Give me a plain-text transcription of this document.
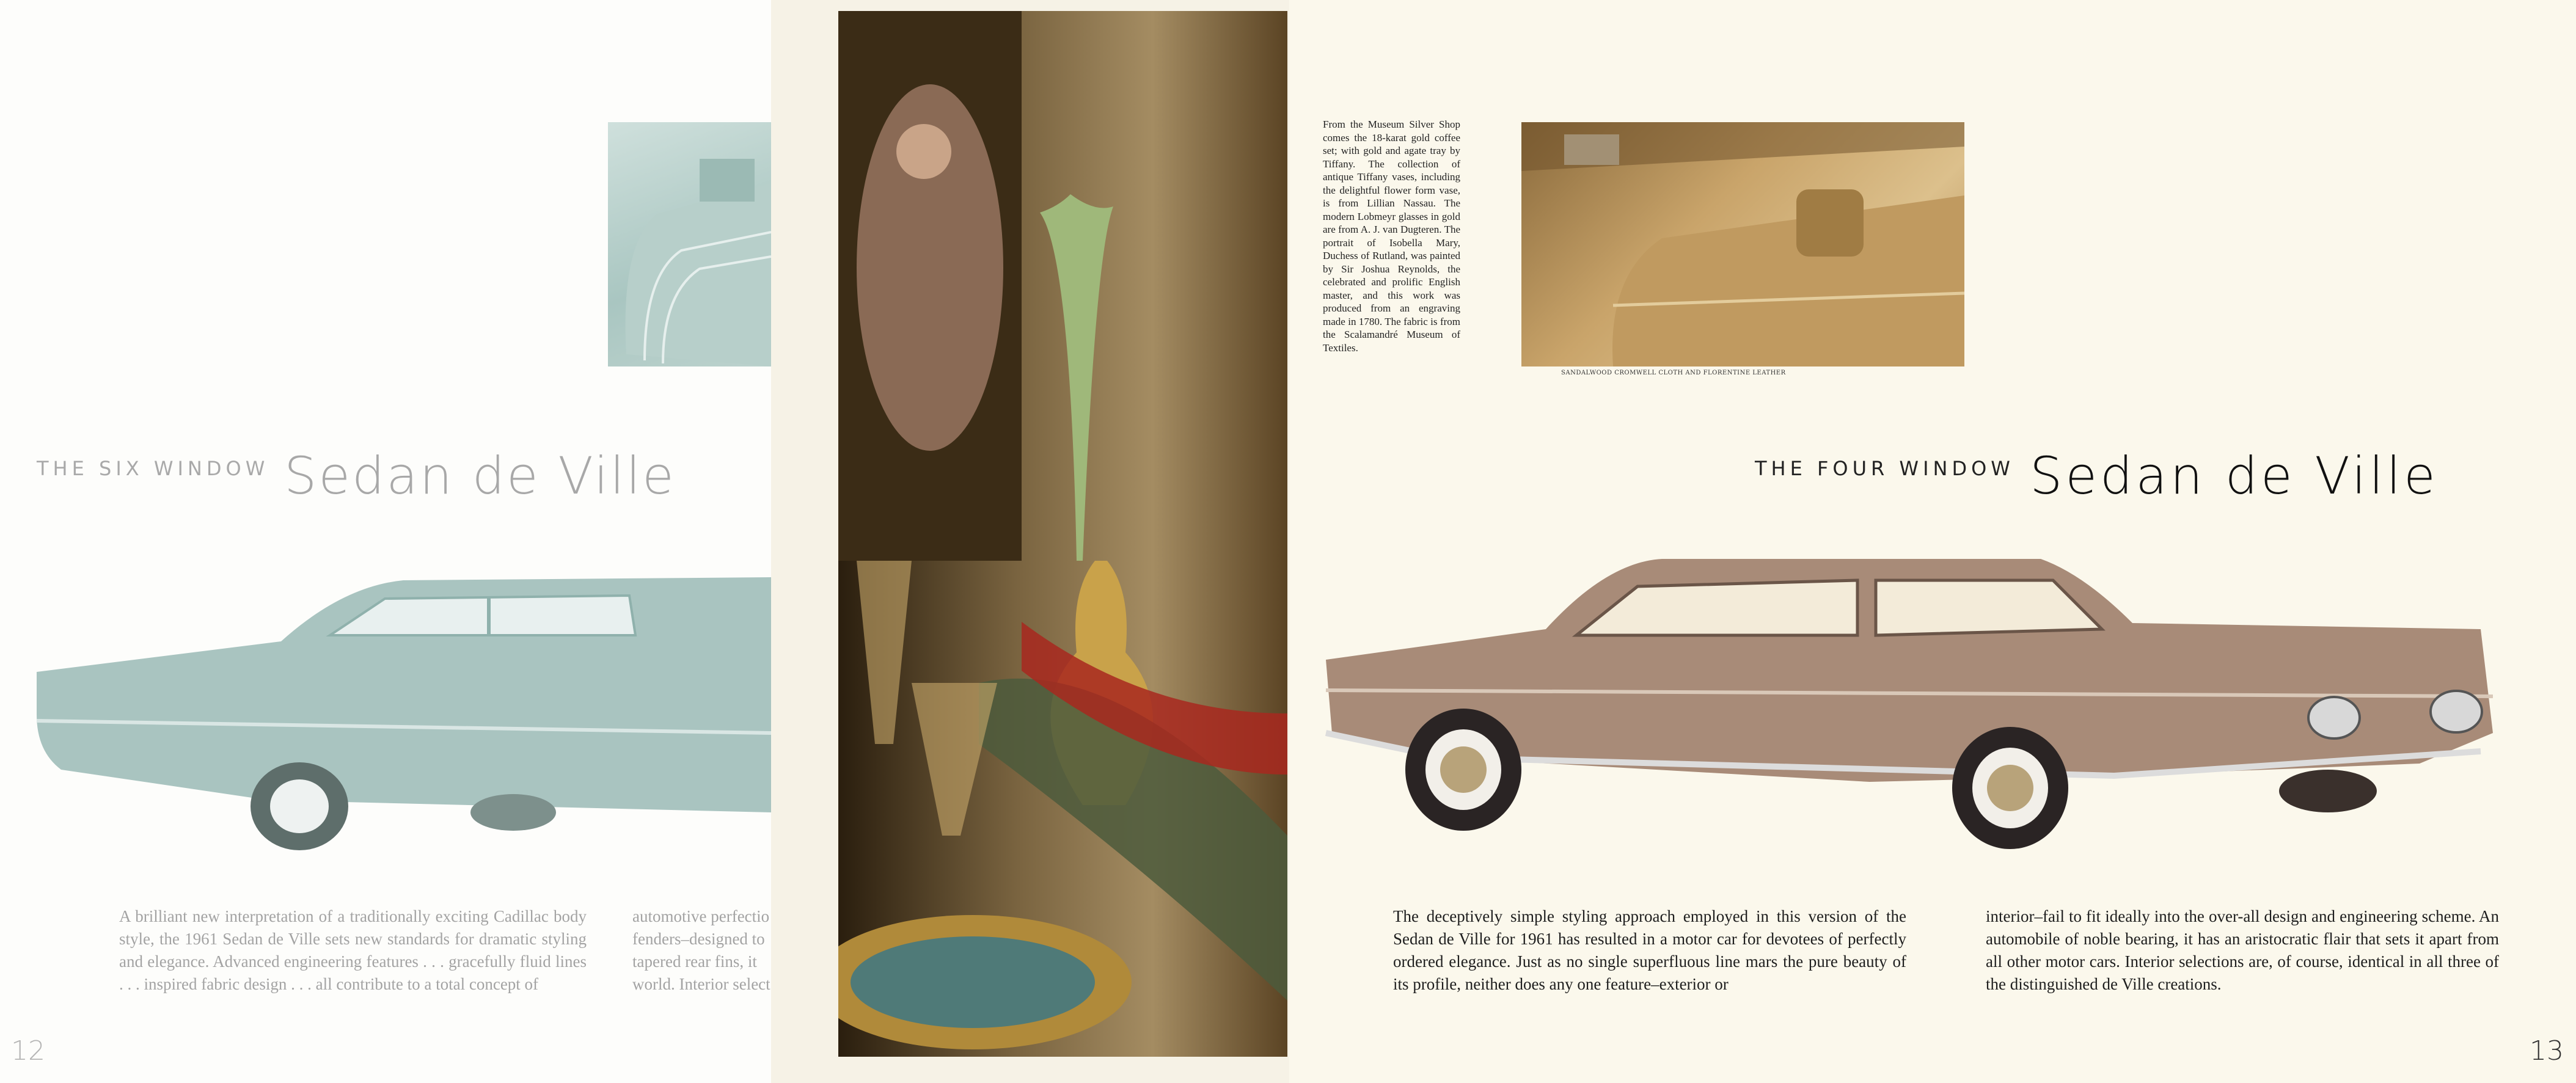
THE SIX WINDOW Sedan de Ville
A brilliant new interpretation of a traditionally exciting Cadillac body style, the 1961 Sedan de Ville sets new standards for dramatic styling and elegance. Advanced engineering features . . . gracefully fluid lines . . . inspired fabric design . . . all contribute to a total concept of
automotive perfectio
fenders–designed to
tapered rear fins, it
world. Interior select
12
From the Museum Silver Shop comes the 18-karat gold coffee set; with gold and agate tray by Tiffany. The collection of antique Tiffany vases, including the delightful flower form vase, is from Lillian Nassau. The modern Lobmeyr glasses in gold are from A. J. van Dugteren. The portrait of Isobella Mary, Duchess of Rutland, was painted by Sir Joshua Reynolds, the celebrated and prolific English master, and this work was produced from an engraving made in 1780. The fabric is from the Scalamandré Museum of Textiles.
SANDALWOOD CROMWELL CLOTH AND FLORENTINE LEATHER
THE FOUR WINDOW Sedan de Ville
The deceptively simple styling approach employed in this version of the Sedan de Ville for 1961 has resulted in a motor car for devotees of perfectly ordered elegance. Just as no single superfluous line mars the pure beauty of its profile, neither does any one feature–exterior or
interior–fail to fit ideally into the over-all design and engineering scheme. An automobile of noble bearing, it has an aristocratic flair that sets it apart from all other motor cars. Interior selections are, of course, identical in all three of the distinguished de Ville creations.
13
